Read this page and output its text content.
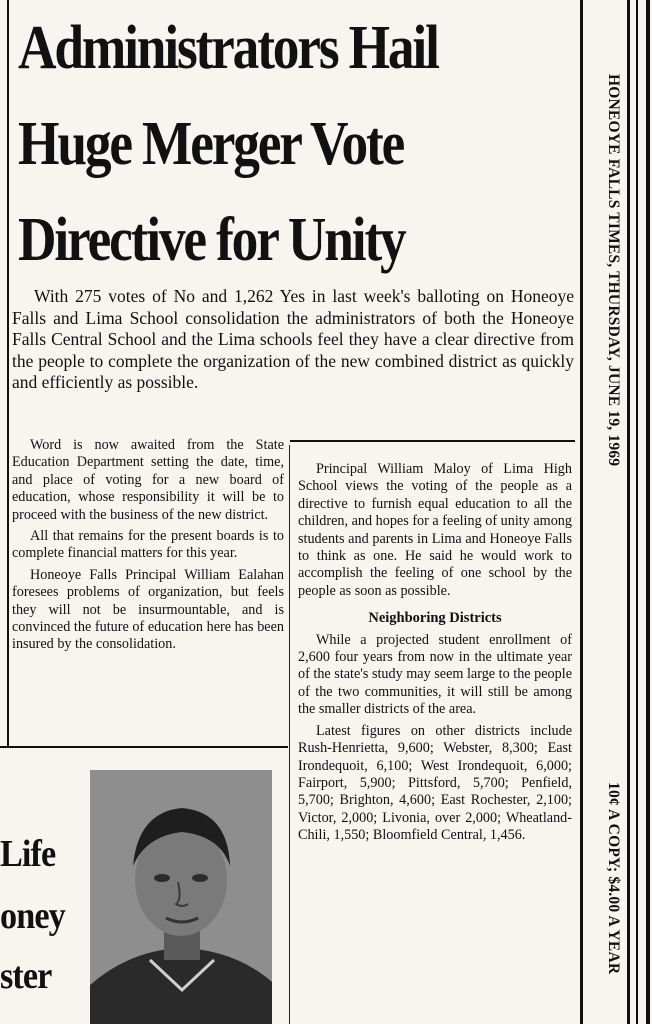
Administrators Hail
Huge Merger Vote
Directive for Unity

With 275 votes of No and 1,262 Yes in last week's balloting on Honeoye Falls and Lima School consolidation the administrators of both the Honeoye Falls Central School and the Lima schools feel they have a clear directive from the people to complete the organization of the new combined district as quickly and efficiently as possible.

Word is now awaited from the State Education Department setting the date, time, and place of voting for a new board of education, whose responsibility it will be to proceed with the business of the new district.

All that remains for the present boards is to complete financial matters for this year.

Honeoye Falls Principal William Ealahan foresees problems of organization, but feels they will not be insurmountable, and is convinced the future of education here has been insured by the consolidation.

Principal William Maloy of Lima High School views the voting of the people as a directive to furnish equal education to all the children, and hopes for a feeling of unity among students and parents in Lima and Honeoye Falls to think as one. He said he would work to accomplish the feeling of one school by the people as soon as possible.

Neighboring Districts

While a projected student enrollment of 2,600 four years from now in the ultimate year of the state's study may seem large to the people of the two communities, it will still be among the smaller districts of the area.

Latest figures on other districts include Rush-Henrietta, 9,600; Webster, 8,300; East Irondequoit, 6,100; West Irondequoit, 6,000; Fairport, 5,900; Pittsford, 5,700; Penfield, 5,700; Brighton, 4,600; East Rochester, 2,100; Victor, 2,000; Livonia, over 2,000; Wheatland-Chili, 1,550; Bloomfield Central, 1,456.

HONEOYE FALLS TIMES, THURSDAY, JUNE 19, 1969
10¢ A COPY; $4.00 A YEAR
Life
oney
ster
